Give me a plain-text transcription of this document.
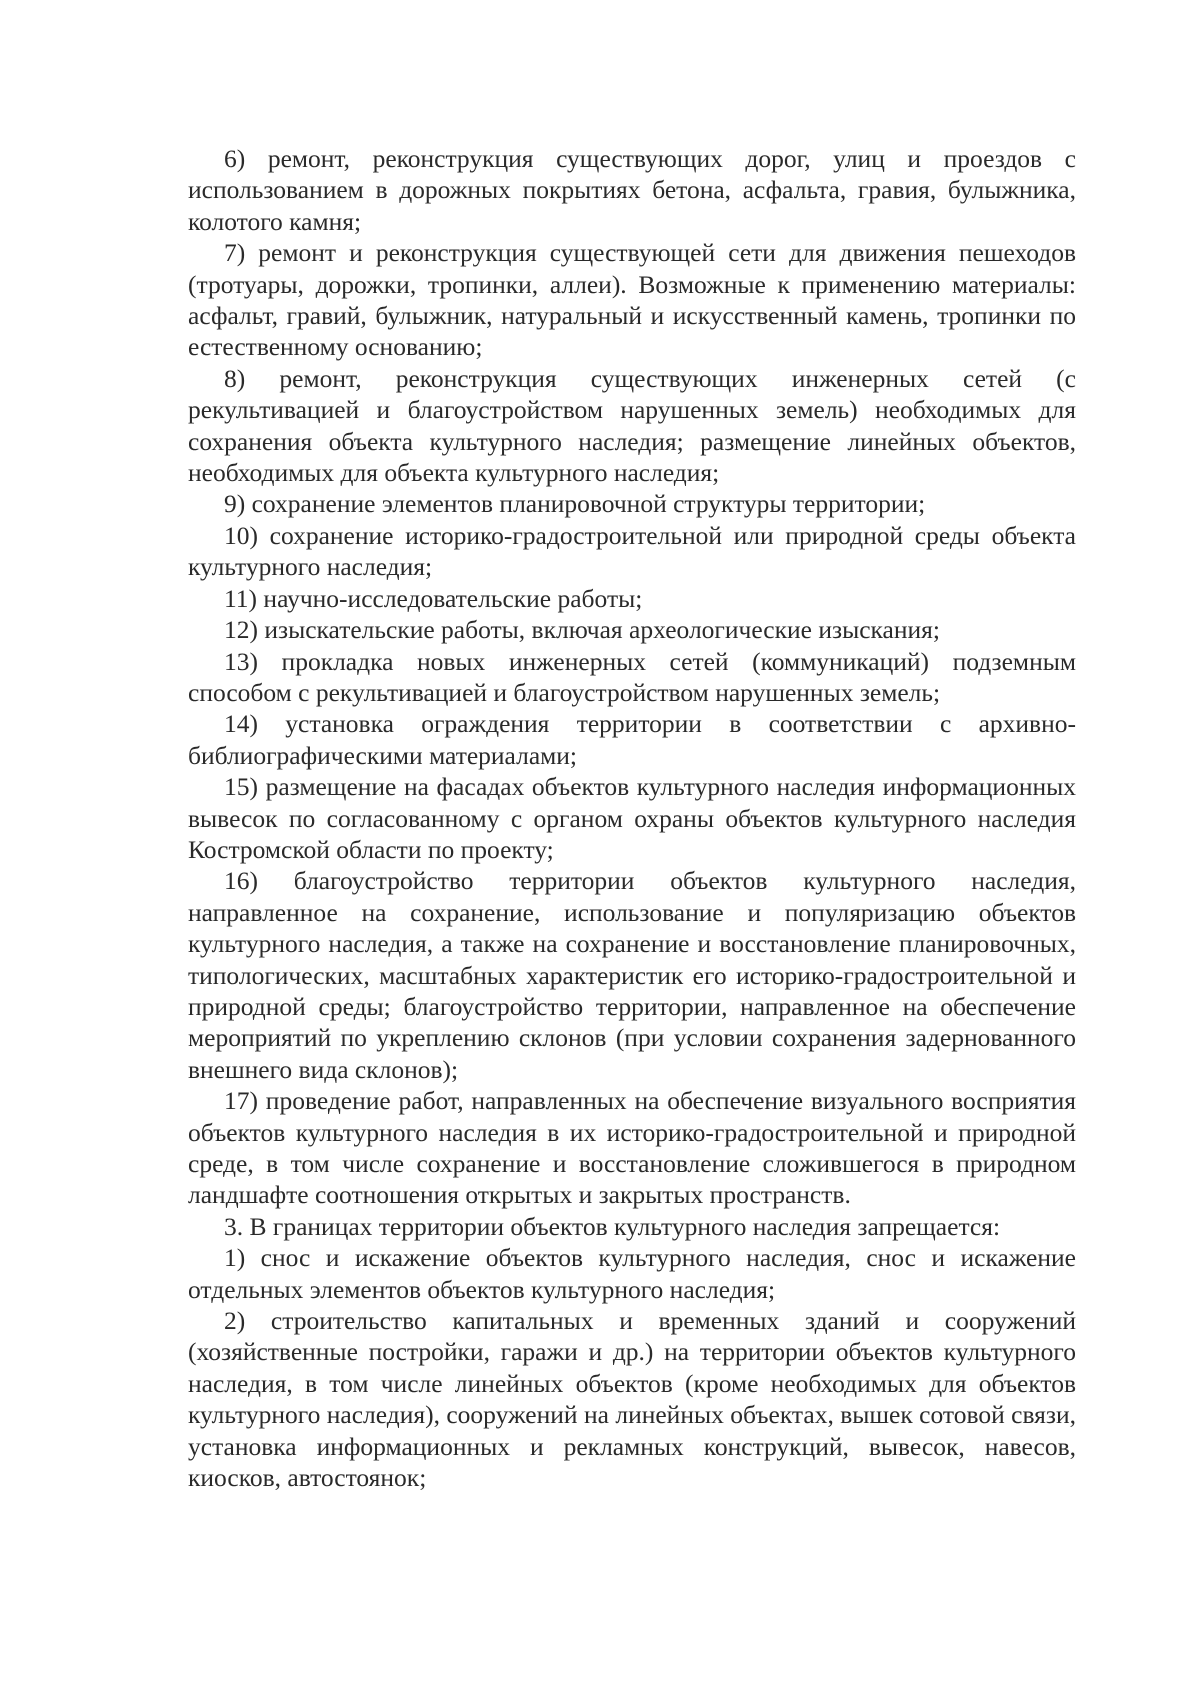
6) ремонт, реконструкция существующих дорог, улиц и проездов с использованием в дорожных покрытиях бетона, асфальта, гравия, булыжника, колотого камня;

7) ремонт и реконструкция существующей сети для движения пешеходов (тротуары, дорожки, тропинки, аллеи). Возможные к применению материалы: асфальт, гравий, булыжник, натуральный и искусственный камень, тропинки по естественному основанию;

8) ремонт, реконструкция существующих инженерных сетей (с рекультивацией и благоустройством нарушенных земель) необходимых для сохранения объекта культурного наследия; размещение линейных объектов, необходимых для объекта культурного наследия;

9) сохранение элементов планировочной структуры территории;

10) сохранение историко-градостроительной или природной среды объекта культурного наследия;

11) научно-исследовательские работы;

12) изыскательские работы, включая археологические изыскания;

13) прокладка новых инженерных сетей (коммуникаций) подземным способом с рекультивацией и благоустройством нарушенных земель;

14) установка ограждения территории в соответствии с архивно-библиографическими материалами;

15) размещение на фасадах объектов культурного наследия информационных вывесок по согласованному с органом охраны объектов культурного наследия Костромской области по проекту;

16) благоустройство территории объектов культурного наследия, направленное на сохранение, использование и популяризацию объектов культурного наследия, а также на сохранение и восстановление планировочных, типологических, масштабных характеристик его историко-градостроительной и природной среды; благоустройство территории, направленное на обеспечение мероприятий по укреплению склонов (при условии сохранения задернованного внешнего вида склонов);

17) проведение работ, направленных на обеспечение визуального восприятия объектов культурного наследия в их историко-градостроительной и природной среде, в том числе сохранение и восстановление сложившегося в природном ландшафте соотношения открытых и закрытых пространств.

3. В границах территории объектов культурного наследия запрещается:

1) снос и искажение объектов культурного наследия, снос и искажение отдельных элементов объектов культурного наследия;

2) строительство капитальных и временных зданий и сооружений (хозяйственные постройки, гаражи и др.) на территории объектов культурного наследия, в том числе линейных объектов (кроме необходимых для объектов культурного наследия), сооружений на линейных объектах, вышек сотовой связи, установка информационных и рекламных конструкций, вывесок, навесов, киосков, автостоянок;
